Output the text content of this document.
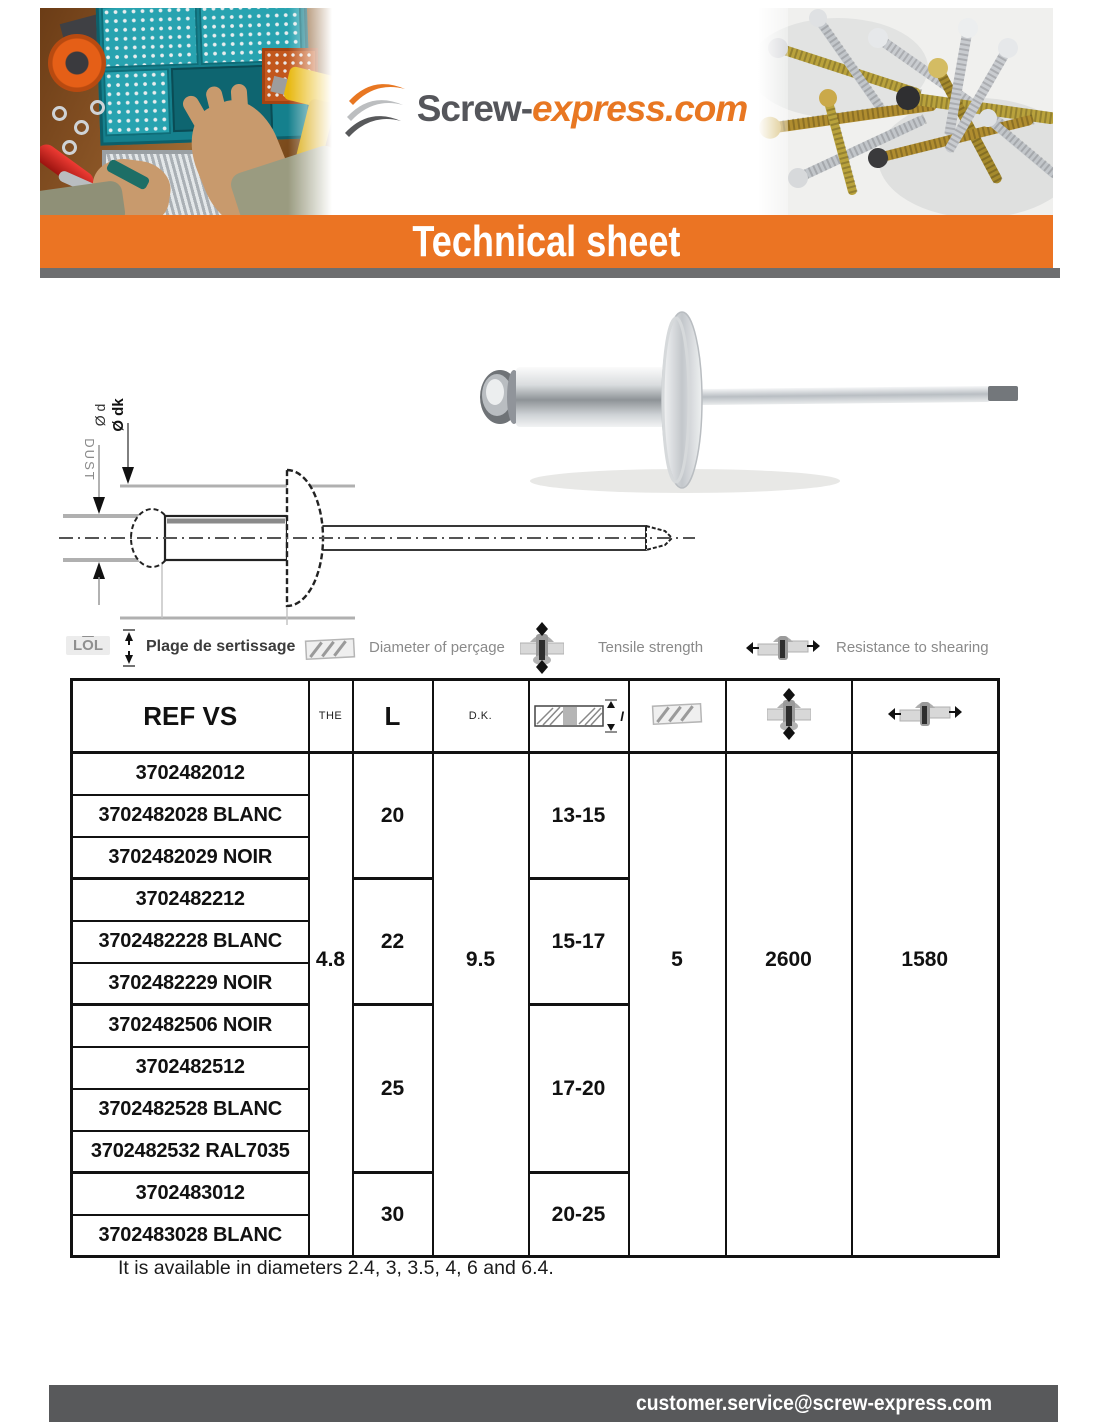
Screw-express.com
Technical sheet
Ø d Ø dk
DUST
$L\overline{O}L$	Plage de sertissage	Diameter of perçage	Tensile strength	Resistance to shearing
REF VS	THE	L	D.K.	l

3702482012	4.8	20	9.5	13-15	5	2600	1580
3702482028 BLANC							
3702482029 NOIR							
3702482212		22		15-17			
3702482228 BLANC							
3702482229 NOIR							
3702482506 NOIR		25		17-20			
3702482512							
3702482528 BLANC							
3702482532 RAL7035							
3702483012		30		20-25			
3702483028 BLANC							
It is available in diameters 2.4, 3, 3.5, 4, 6 and 6.4.
customer.service@screw-express.com
